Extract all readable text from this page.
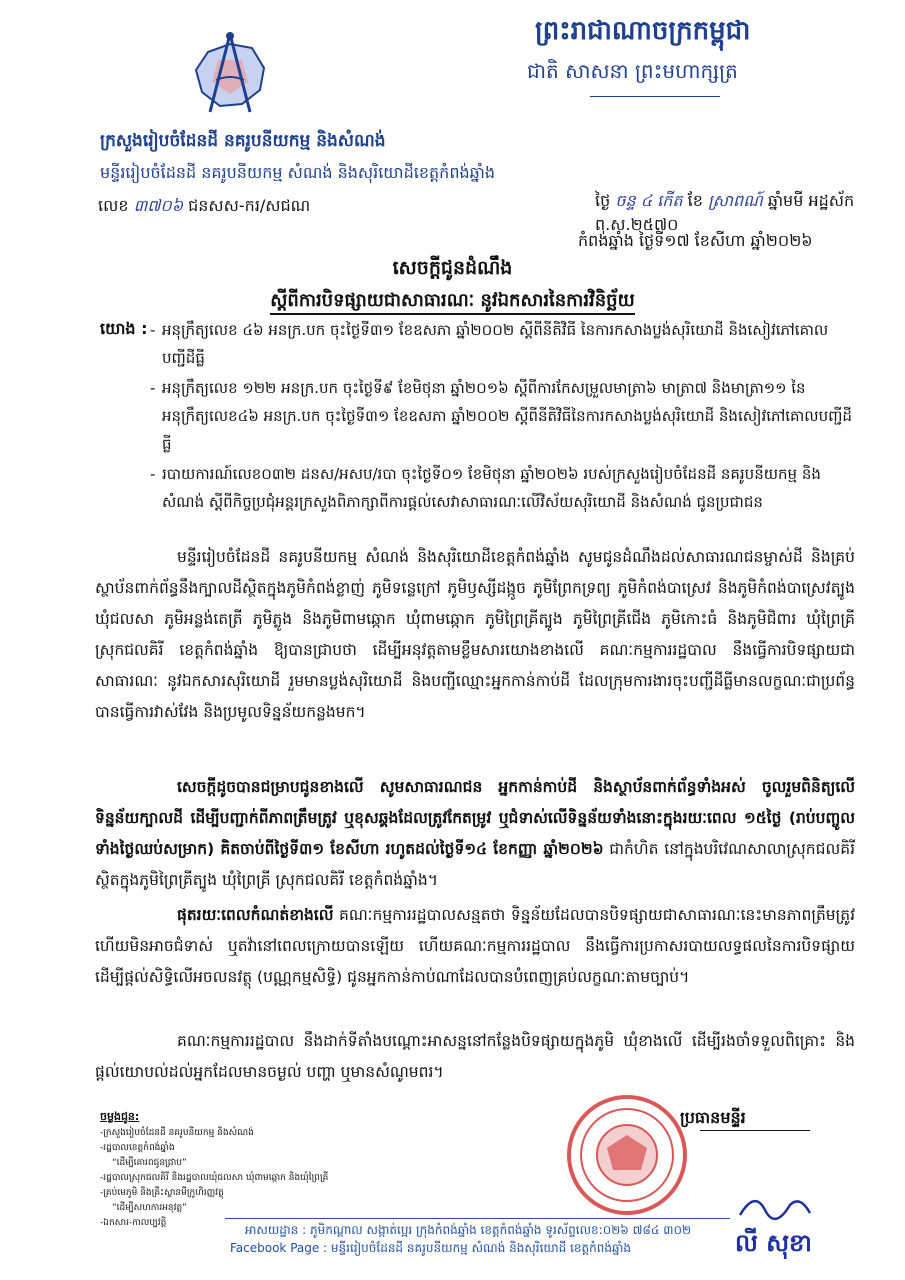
ព្រះរាជាណាចក្រកម្ពុជា
ជាតិ សាសនា ព្រះមហាក្សត្រ
ក្រសួងរៀបចំដែនដី នគរូបនីយកម្ម និងសំណង់
មន្ទីររៀបចំដែនដី នគរូបនីយកម្ម សំណង់ និងសុរិយោដីខេត្តកំពង់ឆ្នាំង
លេខ ៣៧០៦ ជនសស-ករ/សជណ	ថ្ងៃ ចន្ទ ៤ កើត ខែ ស្រាពណ៍ ឆ្នាំមមី អដ្ឋស័ក ព.ស.២៥៧០
កំពង់ឆ្នាំង ថ្ងៃទី១៧ ខែសីហា ឆ្នាំ២០២៦
សេចក្ដីជូនដំណឹង
ស្ដីពីការបិទផ្សាយជាសាធារណៈ នូវឯកសារនៃការវិនិច្ឆ័យ
យោង : - អនុក្រឹត្យលេខ ៤៦ អនក្រ.បក ចុះថ្ងៃទី៣១ ខែឧសភា ឆ្នាំ២០០២ ស្ដីពីនីតិវិធី នៃការកសាងប្លង់សុរិយោដី និងសៀវភៅគោលបញ្ជីដីធ្លី
- អនុក្រឹត្យលេខ ១២២ អនក្រ.បក ចុះថ្ងៃទី៩ ខែមិថុនា ឆ្នាំ២០១៦ ស្ដីពីការកែសម្រួលមាត្រា៦ មាត្រា៧ និងមាត្រា១១ នៃអនុក្រឹត្យលេខ៤៦ អនក្រ.បក ចុះថ្ងៃទី៣១ ខែឧសភា ឆ្នាំ២០០២ ស្ដីពីនីតិវិធីនៃការកសាងប្លង់សុរិយោដី និងសៀវភៅគោលបញ្ជីដីធ្លី
- របាយការណ៍លេខ០៣២ ដនស/អសប/របា ចុះថ្ងៃទី០១ ខែមិថុនា ឆ្នាំ២០២៦ របស់ក្រសួងរៀបចំដែនដី នគរូបនីយកម្ម និងសំណង់ ស្ដីពីកិច្ចប្រជុំអន្តរក្រសួងពិភាក្សាពីការផ្ដល់សេវាសាធារណៈលើវិស័យសុរិយោដី និងសំណង់ ជូនប្រជាជន
មន្ទីររៀបចំដែនដី នគរូបនីយកម្ម សំណង់ និងសុរិយោដីខេត្តកំពង់ឆ្នាំង សូមជូនដំណឹងដល់សាធារណជនម្ចាស់ដី និងគ្រប់ស្ថាប័នពាក់ព័ន្ធនឹងក្បាលដីស្ថិតក្នុងភូមិកំពង់ខ្លាញ់ ភូមិទន្លេក្រៅ ភូមិឫស្សីដង្កូច ភូមិព្រែកទ្រព្យ ភូមិកំពង់បាស្រេវ និងភូមិកំពង់បាស្រេវត្បូង ឃុំជលសា ភូមិអន្លង់តេត្រី ភូមិភ្លូង និងភូមិពាមឆ្កោក ឃុំពាមឆ្កោក ភូមិព្រៃគ្រីត្បូង ភូមិព្រៃគ្រីជើង ភូមិកោះធំ និងភូមិជិពារ ឃុំព្រៃគ្រី ស្រុកជលគិរី ខេត្តកំពង់ឆ្នាំង ឱ្យបានជ្រាបថា ដើម្បីអនុវត្តតាមខ្លឹមសារយោងខាងលើ គណៈកម្មការរដ្ឋបាល នឹងធ្វើការបិទផ្សាយជាសាធារណៈ នូវឯកសារសុរិយោដី រួមមានប្លង់សុរិយោដី និងបញ្ជីឈ្មោះអ្នកកាន់កាប់ដី ដែលក្រុមការងារចុះបញ្ជីដីធ្លីមានលក្ខណៈជាប្រព័ន្ធ បានធ្វើការវាស់វែង និងប្រមូលទិន្នន័យកន្លងមក។
សេចក្ដីដូចបានជម្រាបជូនខាងលើ សូមសាធារណជន អ្នកកាន់កាប់ដី និងស្ថាប័នពាក់ព័ន្ធទាំងអស់ ចូលរួមពិនិត្យលើទិន្នន័យក្បាលដី ដើម្បីបញ្ជាក់ពីភាពត្រឹមត្រូវ ឬខុសឆ្គងដែលត្រូវកែតម្រូវ ឬជំទាស់លើទិន្នន័យទាំងនោះក្នុងរយៈពេល ១៥ថ្ងៃ (រាប់បញ្ចូលទាំងថ្ងៃឈប់សម្រាក) គិតចាប់ពីថ្ងៃទី៣១ ខែសីហា រហូតដល់ថ្ងៃទី១៤ ខែកញ្ញា ឆ្នាំ២០២៦ ជាកំហិត នៅក្នុងបរិវេណសាលាស្រុកជលគិរី ស្ថិតក្នុងភូមិព្រៃគ្រីត្បូង ឃុំព្រៃគ្រី ស្រុកជលគិរី ខេត្តកំពង់ឆ្នាំង។
ផុតរយៈពេលកំណត់ខាងលើ គណៈកម្មការរដ្ឋបាលសន្មតថា ទិន្នន័យដែលបានបិទផ្សាយជាសាធារណៈនេះមានភាពត្រឹមត្រូវ ហើយមិនអាចជំទាស់ ឬតវ៉ានៅពេលក្រោយបានឡើយ ហើយគណៈកម្មការរដ្ឋបាល នឹងធ្វើការប្រកាសរបាយលទ្ធផលនៃការបិទផ្សាយ ដើម្បីផ្ដល់សិទ្ធិលើអចលនវត្ថុ (បណ្ណកម្មសិទ្ធិ) ជូនអ្នកកាន់កាប់ណាដែលបានបំពេញគ្រប់លក្ខណៈតាមច្បាប់។
គណៈកម្មការរដ្ឋបាល នឹងដាក់ទីតាំងបណ្ដោះអាសន្ននៅកន្លែងបិទផ្សាយក្នុងភូមិ ឃុំខាងលើ ដើម្បីរងចាំទទួលពិគ្រោះ និងផ្ដល់យោបល់ដល់អ្នកដែលមានចម្ងល់ បញ្ហា ឬមានសំណូមពរ។
ចម្លងជូន:
-ក្រសួងរៀបចំដែនដី នគរូបនីយកម្ម និងសំណង់
-រដ្ឋបាលខេត្តកំពង់ឆ្នាំង
“ដើម្បីគោរពជូនជ្រាប”
-រដ្ឋបាលស្រុកជលគិរី និងរដ្ឋបាលឃុំជលសា ឃុំពាមឆ្កោក និងឃុំព្រៃគ្រី
-គ្រប់មេភូមិ និងគ្រឹះស្ថានមីក្រូហិរញ្ញវត្ថុ
“ដើម្បីសហការអនុវត្ត”
-ឯកសារ-កាលប្បវត្តិ
ប្រធានមន្ទីរ
លី សុខា
អាសយដ្ឋាន : ភូមិកណ្ដាល សង្កាត់ប្អេរ ក្រុងកំពង់ឆ្នាំង ខេត្តកំពង់ឆ្នាំង ទូរស័ព្ទលេខ:០២៦ ៧៨៤ ៣០២
Facebook Page : មន្ទីររៀបចំដែនដី នគរូបនីយកម្ម សំណង់ និងសុរិយោដី ខេត្តកំពង់ឆ្នាំង
